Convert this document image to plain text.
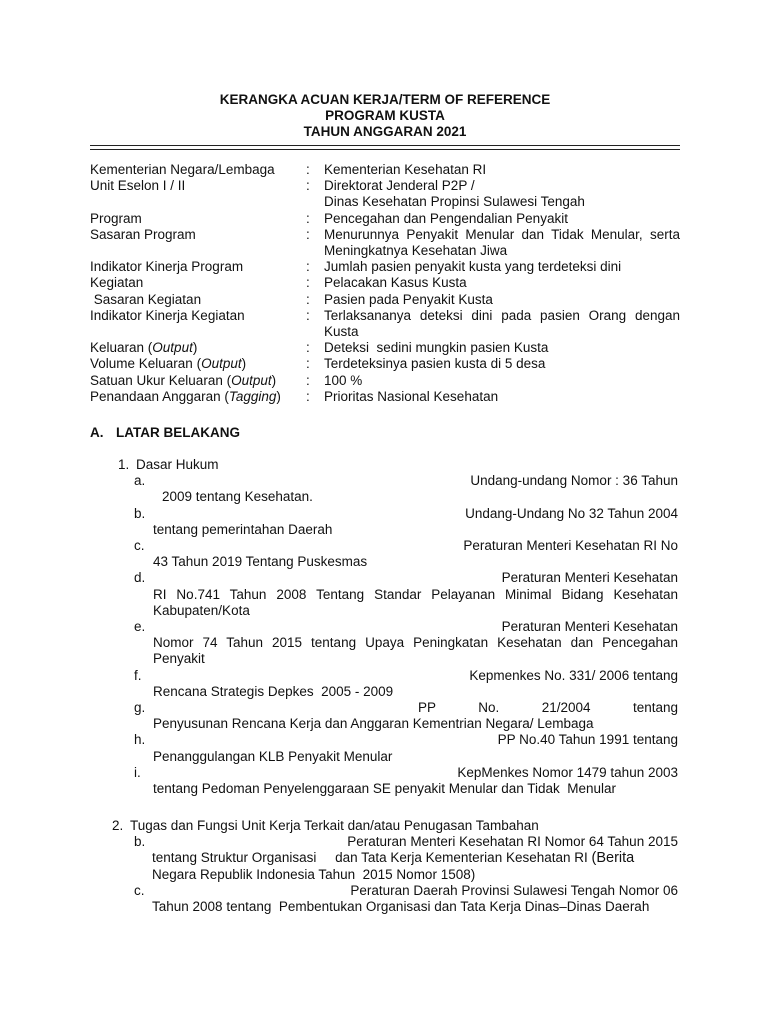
KERANGKA ACUAN KERJA/TERM OF REFERENCE
PROGRAM KUSTA
TAHUN ANGGARAN 2021
Kementerian Negara/Lembaga	:	Kementerian Kesehatan RI
Unit Eselon I / II	:	Direktorat Jenderal P2P /
Dinas Kesehatan Propinsi Sulawesi Tengah

Program	:	Pencegahan dan Pengendalian Penyakit
Sasaran Program	:	Menurunnya Penyakit Menular dan Tidak Menular, serta Meningkatnya Kesehatan Jiwa
Indikator Kinerja Program	:	Jumlah pasien penyakit kusta yang terdeteksi dini
Kegiatan	:	Pelacakan Kasus Kusta
Sasaran Kegiatan	:	Pasien pada Penyakit Kusta
Indikator Kinerja Kegiatan	:	Terlaksananya deteksi dini pada pasien Orang dengan Kusta
Keluaran (Output)	:	Deteksi  sedini mungkin pasien Kusta
Volume Keluaran (Output)	:	Terdeteksinya pasien kusta di 5 desa
Satuan Ukur Keluaran (Output)	:	100 %
Penandaan Anggaran (Tagging)	:	Prioritas Nasional Kesehatan
A. LATAR BELAKANG
1. Dasar Hukum
a.	Undang-undang Nomor : 36 Tahun
2009 tentang Kesehatan.
b.	Undang-Undang No 32 Tahun 2004
tentang pemerintahan Daerah
c.	Peraturan Menteri Kesehatan RI No
43 Tahun 2019 Tentang Puskesmas
d.	Peraturan Menteri Kesehatan
RI No.741 Tahun 2008 Tentang Standar Pelayanan Minimal Bidang Kesehatan Kabupaten/Kota
e.	Peraturan Menteri Kesehatan
Nomor 74 Tahun 2015 tentang Upaya Peningkatan Kesehatan dan Pencegahan Penyakit
f.	Kepmenkes No. 331/ 2006 tentang
Rencana Strategis Depkes  2005 - 2009
g.	PP No. 21/2004 tentang
Penyusunan Rencana Kerja dan Anggaran Kementrian Negara/ Lembaga
h.	PP No.40 Tahun 1991 tentang
Penanggulangan KLB Penyakit Menular
i.	KepMenkes Nomor 1479 tahun 2003
tentang Pedoman Penyelenggaraan SE penyakit Menular dan Tidak  Menular
2. Tugas dan Fungsi Unit Kerja Terkait dan/atau Penugasan Tambahan
b.	Peraturan Menteri Kesehatan RI Nomor 64 Tahun 2015
tentang Struktur Organisasi     dan Tata Kerja Kementerian Kesehatan RI (Berita
Negara Republik Indonesia Tahun  2015 Nomor 1508)
c.	Peraturan Daerah Provinsi Sulawesi Tengah Nomor 06
Tahun 2008 tentang  Pembentukan Organisasi dan Tata Kerja Dinas–Dinas Daerah
